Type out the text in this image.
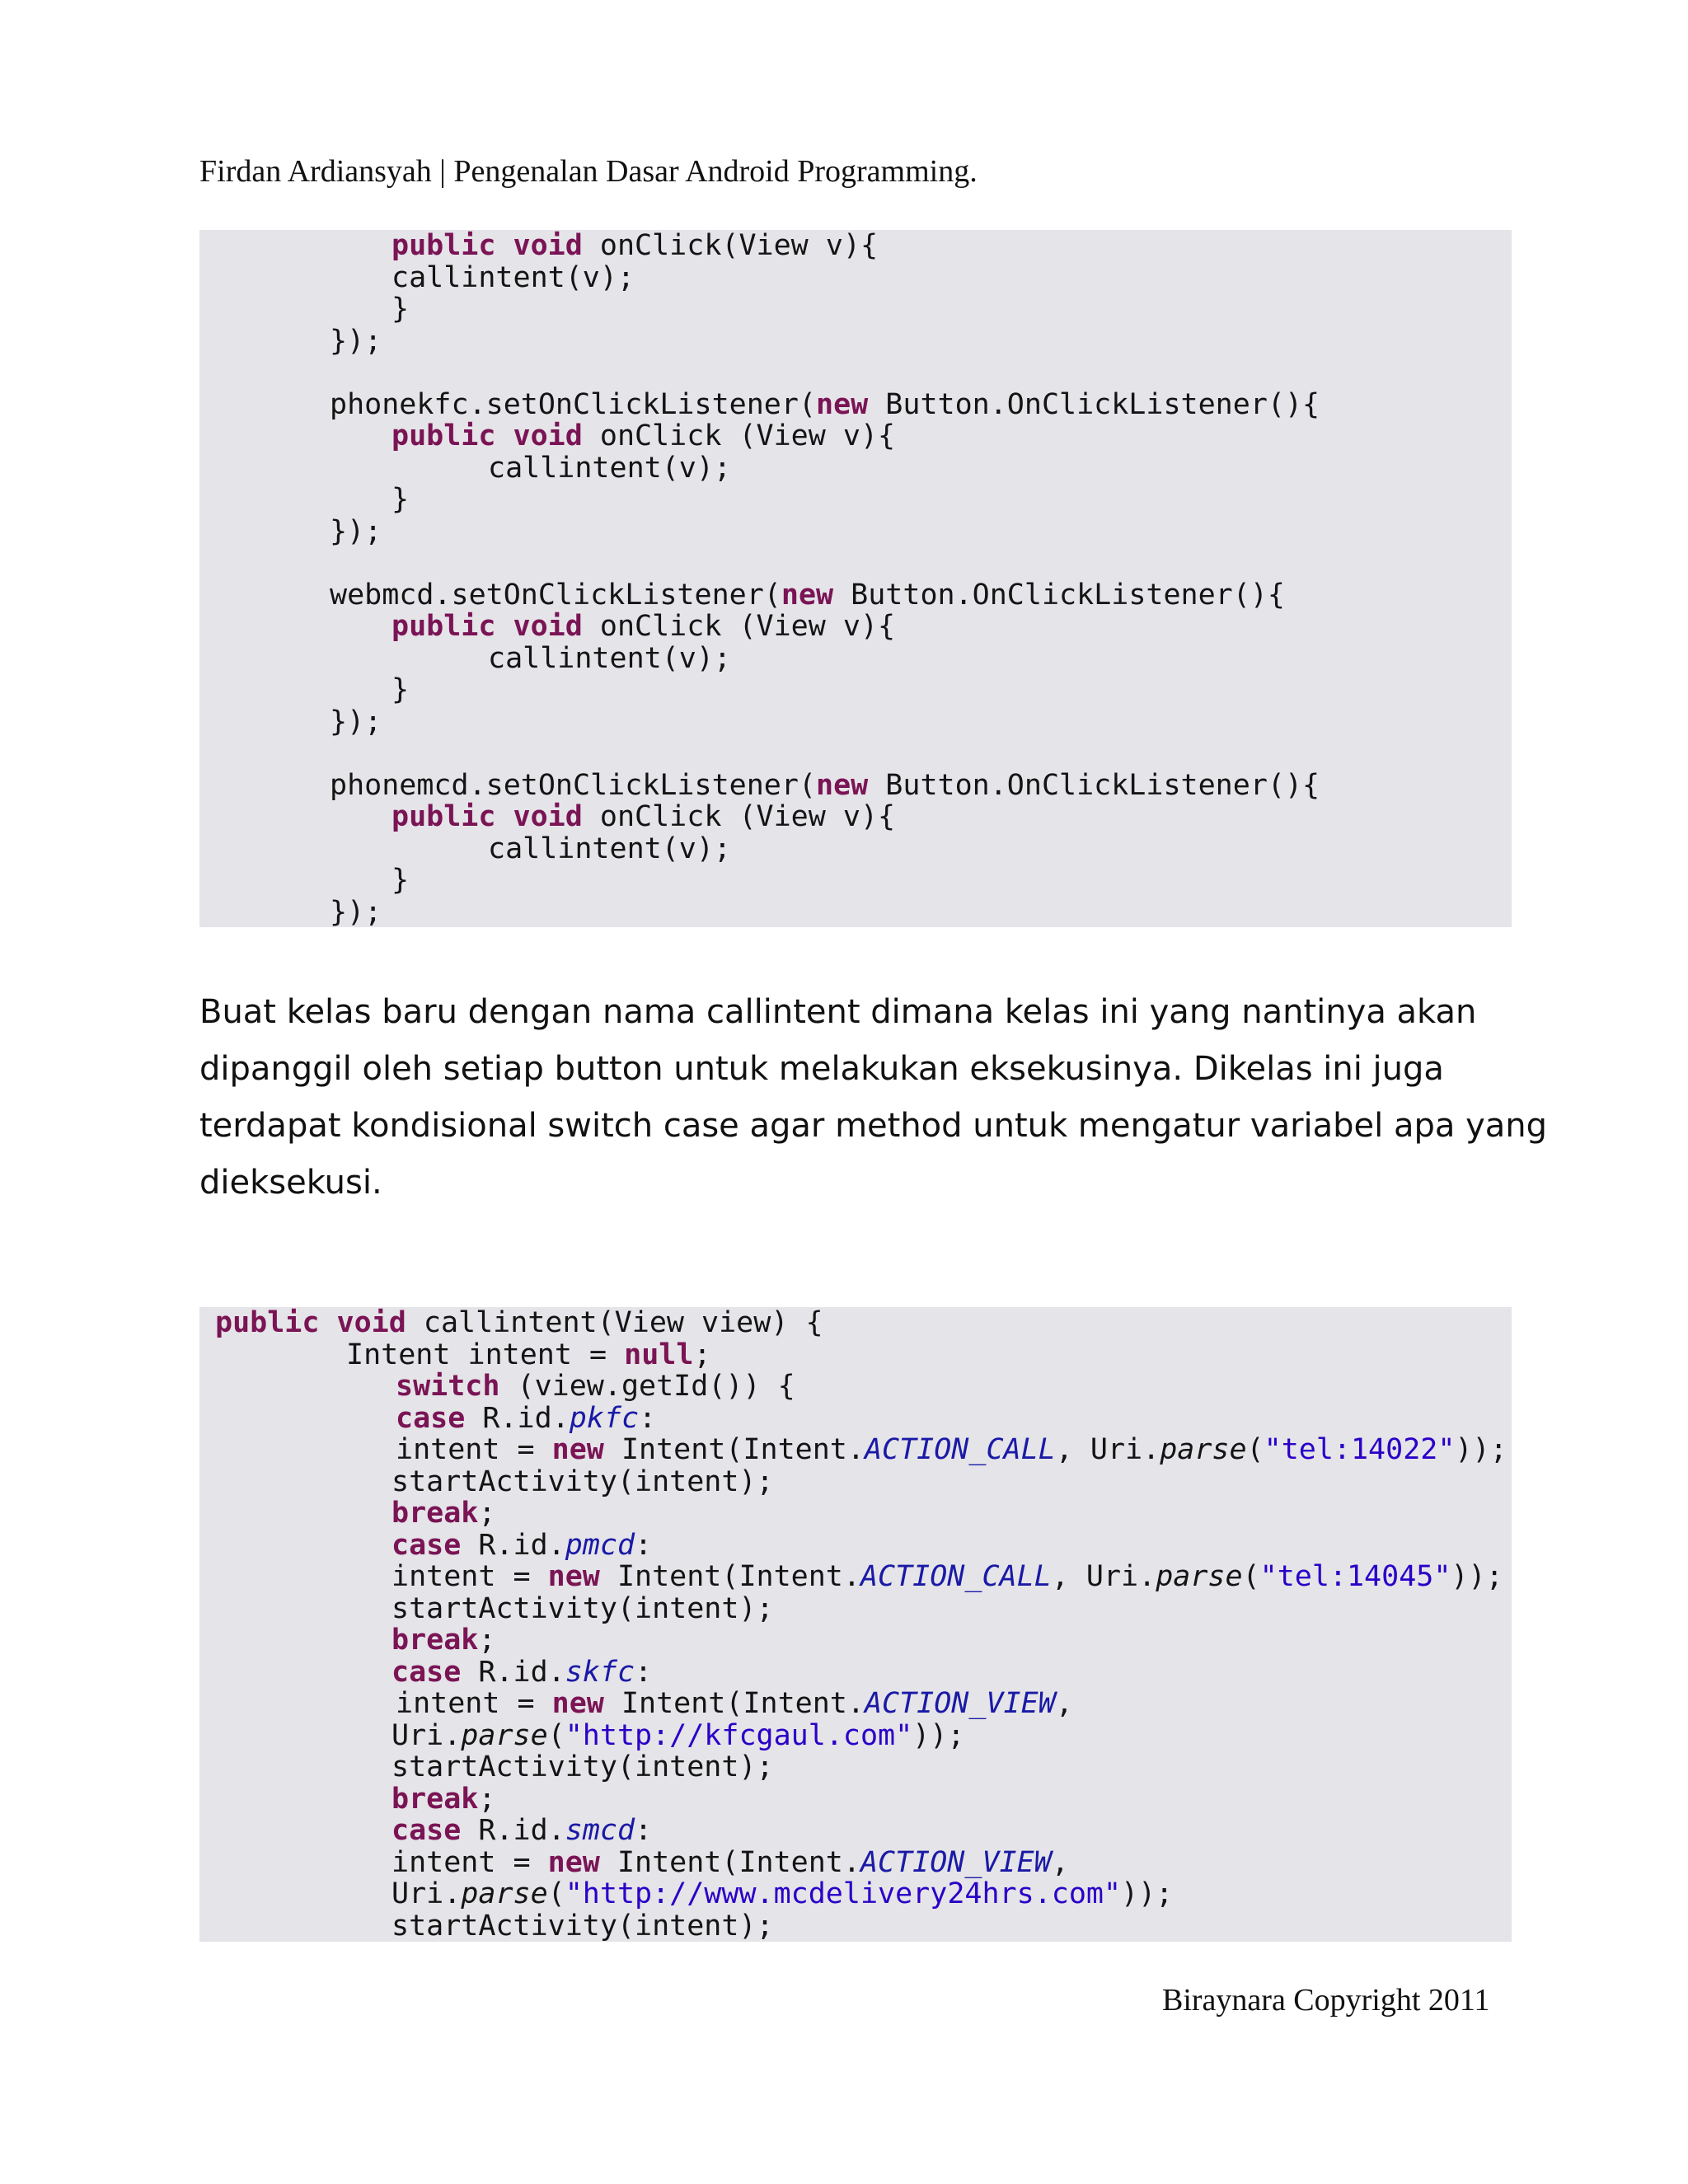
Firdan Ardiansyah | Pengenalan Dasar Android Programming.
public void onClick(View v){
callintent(v);
}
});
phonekfc.setOnClickListener(new Button.OnClickListener(){
public void onClick (View v){
callintent(v);
}
});
webmcd.setOnClickListener(new Button.OnClickListener(){
public void onClick (View v){
callintent(v);
}
});
phonemcd.setOnClickListener(new Button.OnClickListener(){
public void onClick (View v){
callintent(v);
}
});

Buat kelas baru dengan nama callintent dimana kelas ini yang nantinya akan
dipanggil oleh setiap button untuk melakukan eksekusinya. Dikelas ini juga
terdapat kondisional switch case agar method untuk mengatur variabel apa yang
dieksekusi.

public void callintent(View view) {
Intent intent = null;
switch (view.getId()) {
case R.id.pkfc:
intent = new Intent(Intent.ACTION_CALL, Uri.parse("tel:14022"));
startActivity(intent);
break;
case R.id.pmcd:
intent = new Intent(Intent.ACTION_CALL, Uri.parse("tel:14045"));
startActivity(intent);
break;
case R.id.skfc:
intent = new Intent(Intent.ACTION_VIEW,
Uri.parse("http://kfcgaul.com"));
startActivity(intent);
break;
case R.id.smcd:
intent = new Intent(Intent.ACTION_VIEW,
Uri.parse("http://www.mcdelivery24hrs.com"));
startActivity(intent);
Biraynara Copyright 2011
